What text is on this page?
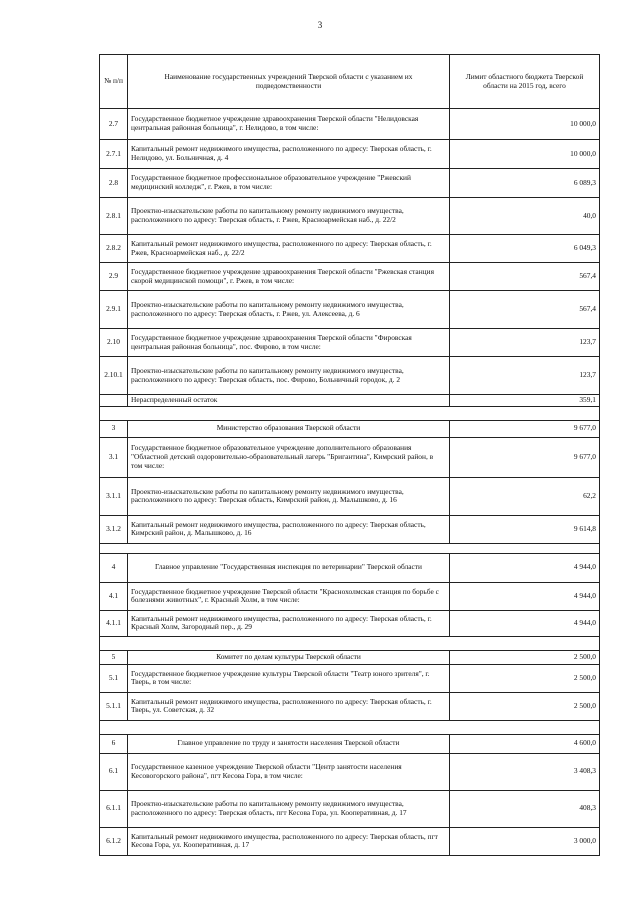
3
№ п/п	Наименование государственных учреждений Тверской области с указанием их подведомственности	Лимит областного бюджета Тверской области на 2015 год, всего
2.7	Государственное бюджетное учреждение здравоохранения Тверской области "Нелидовская центральная районная больница", г. Нелидово, в том числе:	10 000,0
2.7.1	Капитальный ремонт недвижимого имущества, расположенного по адресу: Тверская область, г. Нелидово, ул. Больничная, д. 4	10 000,0
2.8	Государственное бюджетное профессиональное образовательное учреждение "Ржевский медицинский колледж", г. Ржев, в том числе:	6 089,3
2.8.1	Проектно-изыскательские работы по капитальному ремонту недвижимого имущества, расположенного по адресу: Тверская область, г. Ржев, Красноармейская наб., д. 22/2	40,0
2.8.2	Капитальный ремонт недвижимого имущества, расположенного по адресу: Тверская область, г. Ржев, Красноармейская наб., д. 22/2	6 049,3
2.9	Государственное бюджетное учреждение здравоохранения Тверской области "Ржевская станция скорой медицинской помощи", г. Ржев, в том числе:	567,4
2.9.1	Проектно-изыскательские работы по капитальному ремонту недвижимого имущества, расположенного по адресу: Тверская область, г. Ржев, ул. Алексеева, д. 6	567,4
2.10	Государственное бюджетное учреждение здравоохранения Тверской области "Фировская центральная районная больница", пос. Фирово, в том числе:	123,7
2.10.1	Проектно-изыскательские работы по капитальному ремонту недвижимого имущества, расположенного по адресу: Тверская область, пос. Фирово, Больничный городок, д. 2	123,7
	Нераспределенный остаток	359,1

3	Министерство образования Тверской области	9 677,0
3.1	Государственное бюджетное образовательное учреждение дополнительного образования "Областной детский оздоровительно-образовательный лагерь "Бригантина", Кимрский район, в том числе:	9 677,0
3.1.1	Проектно-изыскательские работы по капитальному ремонту недвижимого имущества, расположенного по адресу: Тверская область, Кимрский район, д. Малышково, д. 16	62,2
3.1.2	Капитальный ремонт недвижимого имущества, расположенного по адресу: Тверская область, Кимрский район, д. Малышково, д. 16	9 614,8

4	Главное управление "Государственная инспекция по ветеринарии" Тверской области	4 944,0
4.1	Государственное бюджетное учреждение Тверской области "Краснохолмская станция по борьбе с болезнями животных", г. Красный Холм, в том числе:	4 944,0
4.1.1	Капитальный ремонт недвижимого имущества, расположенного по адресу: Тверская область, г. Красный Холм, Загородный пер., д. 29	4 944,0

5	Комитет по делам культуры Тверской области	2 500,0
5.1	Государственное бюджетное учреждение культуры Тверской области "Театр юного зрителя", г. Тверь, в том числе:	2 500,0
5.1.1	Капитальный ремонт недвижимого имущества, расположенного по адресу: Тверская область, г. Тверь, ул. Советская, д. 32	2 500,0

6	Главное управление по труду и занятости населения Тверской области	4 600,0
6.1	Государственное казенное учреждение Тверской области "Центр занятости населения Кесовогорского района", пгт Кесова Гора, в том числе:	3 408,3
6.1.1	Проектно-изыскательские работы по капитальному ремонту недвижимого имущества, расположенного по адресу: Тверская область, пгт Кесова Гора, ул. Кооперативная, д. 17	408,3
6.1.2	Капитальный ремонт недвижимого имущества, расположенного по адресу: Тверская область, пгт Кесова Гора, ул. Кооперативная, д. 17	3 000,0
